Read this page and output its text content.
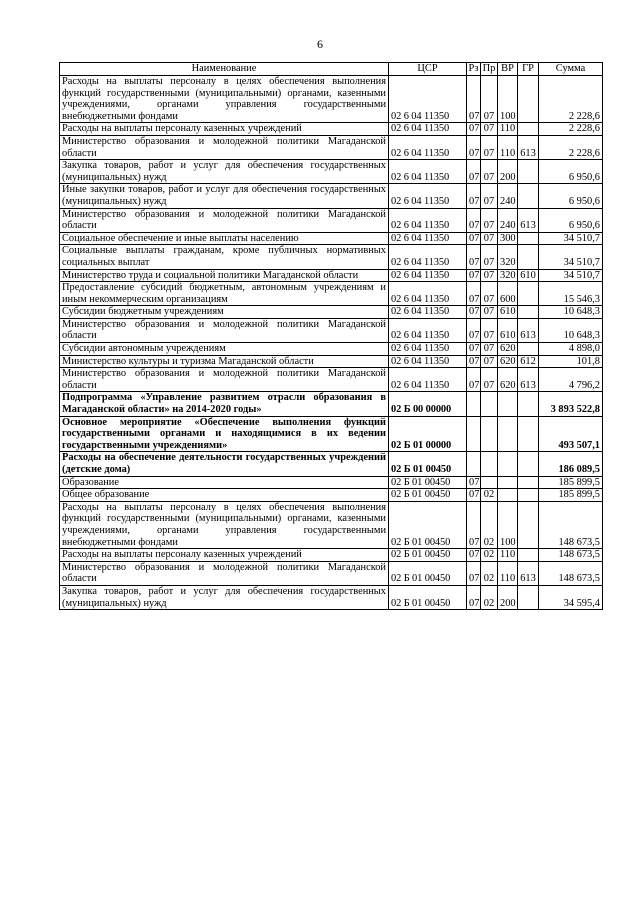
6
Наименование	ЦСР	Рз	Пр	ВР	ГР	Сумма
Расходы на выплаты персоналу в целях обеспечения выполнения функций государственными (муниципальными) органами, казенными учреждениями, органами управления государственными внебюджетными фондами	02 6 04 11350	07	07	100		2 228,6
Расходы на выплаты персоналу казенных учреждений	02 6 04 11350	07	07	110		2 228,6
Министерство образования и молодежной политики Магаданской области	02 6 04 11350	07	07	110	613	2 228,6
Закупка товаров, работ и услуг для обеспечения государственных (муниципальных) нужд	02 6 04 11350	07	07	200		6 950,6
Иные закупки товаров, работ и услуг для обеспечения государственных (муниципальных) нужд	02 6 04 11350	07	07	240		6 950,6
Министерство образования и молодежной политики Магаданской области	02 6 04 11350	07	07	240	613	6 950,6
Социальное обеспечение и иные выплаты населению	02 6 04 11350	07	07	300		34 510,7
Социальные выплаты гражданам, кроме публичных нормативных социальных выплат	02 6 04 11350	07	07	320		34 510,7
Министерство труда и социальной политики Магаданской области	02 6 04 11350	07	07	320	610	34 510,7
Предоставление субсидий бюджетным, автономным учреждениям и иным некоммерческим организациям	02 6 04 11350	07	07	600		15 546,3
Субсидии бюджетным учреждениям	02 6 04 11350	07	07	610		10 648,3
Министерство образования и молодежной политики Магаданской области	02 6 04 11350	07	07	610	613	10 648,3
Субсидии автономным учреждениям	02 6 04 11350	07	07	620		4 898,0
Министерство культуры и туризма Магаданской области	02 6 04 11350	07	07	620	612	101,8
Министерство образования и молодежной политики Магаданской области	02 6 04 11350	07	07	620	613	4 796,2
Подпрограмма «Управление развитием отрасли образования в Магаданской области» на 2014-2020 годы»	02 Б 00 00000					3 893 522,8
Основное мероприятие «Обеспечение выполнения функций государственными органами и находящимися в их ведении государственными учреждениями»	02 Б 01 00000					493 507,1
Расходы на обеспечение деятельности государственных учреждений (детские дома)	02 Б 01 00450					186 089,5
Образование	02 Б 01 00450	07				185 899,5
Общее образование	02 Б 01 00450	07	02			185 899,5
Расходы на выплаты персоналу в целях обеспечения выполнения функций государственными (муниципальными) органами, казенными учреждениями, органами управления государственными внебюджетными фондами	02 Б 01 00450	07	02	100		148 673,5
Расходы на выплаты персоналу казенных учреждений	02 Б 01 00450	07	02	110		148 673,5
Министерство образования и молодежной политики Магаданской области	02 Б 01 00450	07	02	110	613	148 673,5
Закупка товаров, работ и услуг для обеспечения государственных (муниципальных) нужд	02 Б 01 00450	07	02	200		34 595,4
